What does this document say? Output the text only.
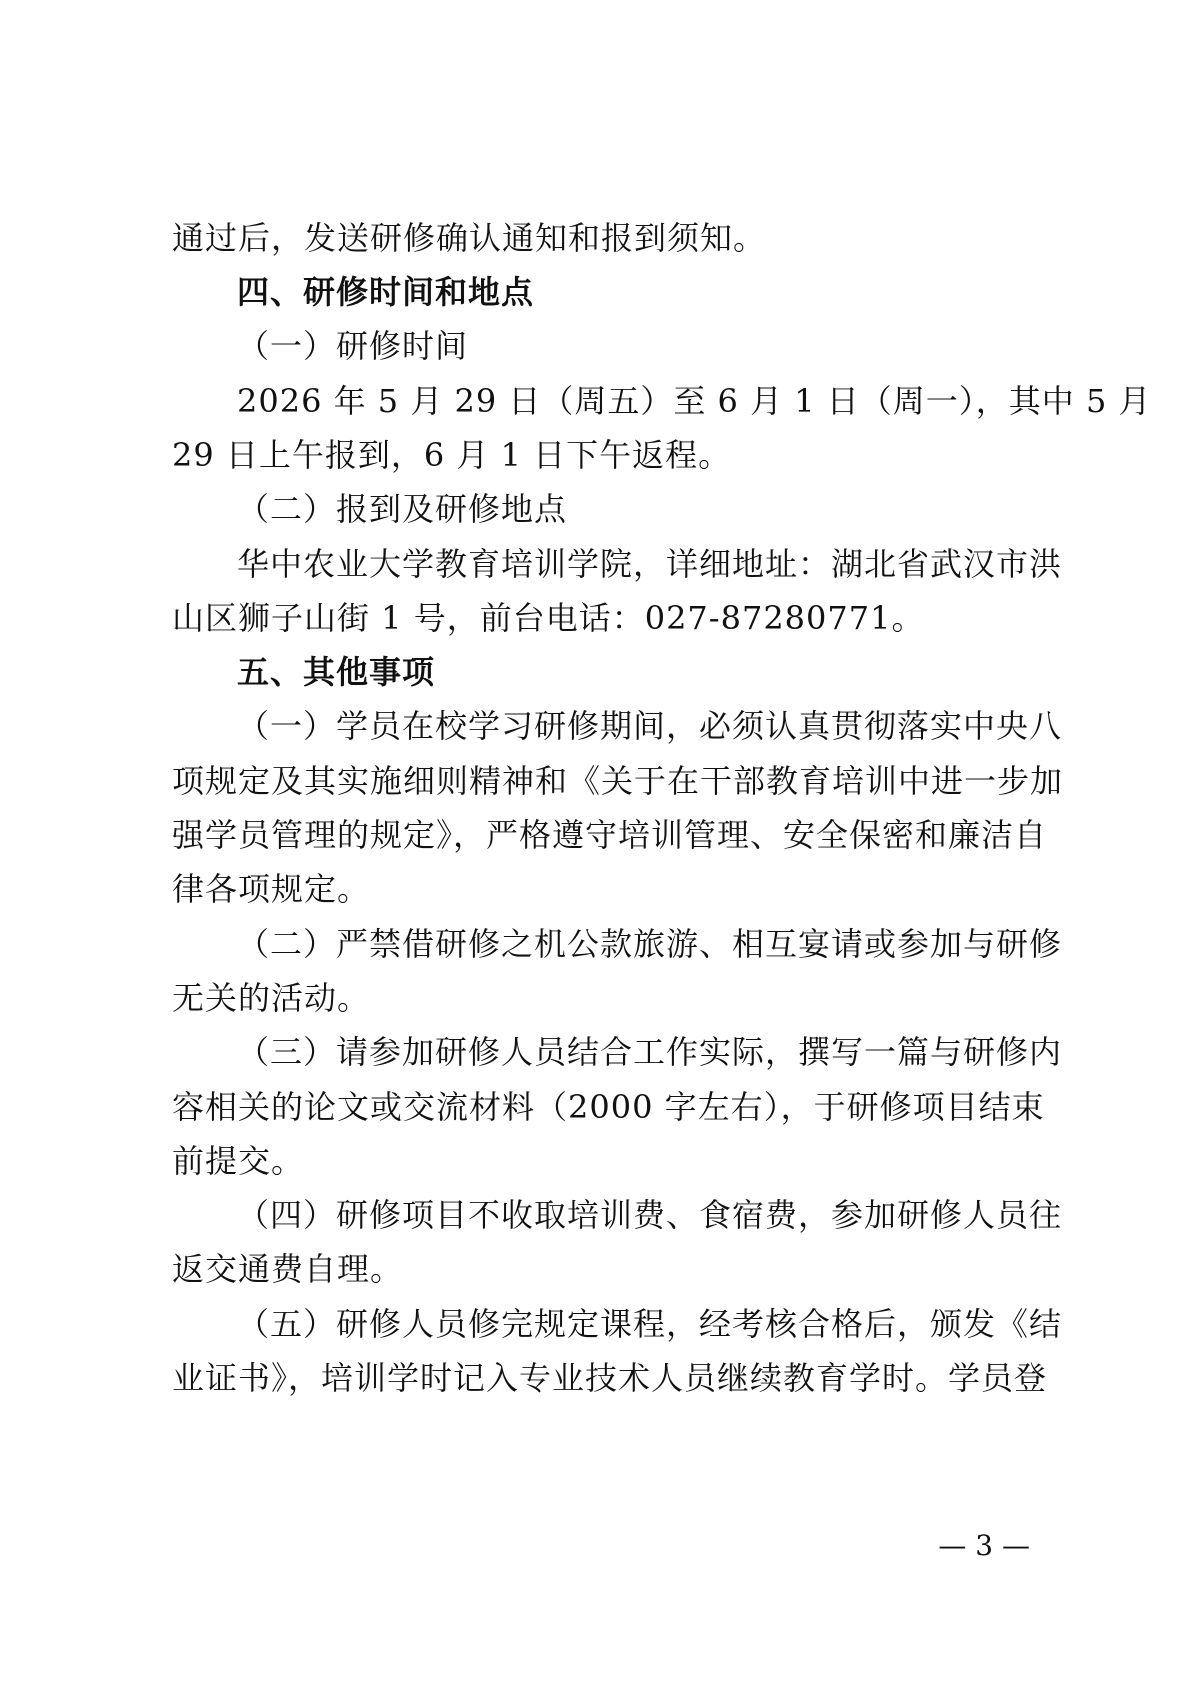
通过后，发送研修确认通知和报到须知。
四、研修时间和地点
（一）研修时间
2026 年 5 月 29 日（周五）至 6 月 1 日（周一），其中 5 月
29 日上午报到，6 月 1 日下午返程。
（二）报到及研修地点
华中农业大学教育培训学院，详细地址：湖北省武汉市洪
山区狮子山街 1 号，前台电话：027-87280771。
五、其他事项
（一）学员在校学习研修期间，必须认真贯彻落实中央八
项规定及其实施细则精神和《关于在干部教育培训中进一步加
强学员管理的规定》，严格遵守培训管理、安全保密和廉洁自
律各项规定。
（二）严禁借研修之机公款旅游、相互宴请或参加与研修
无关的活动。
（三）请参加研修人员结合工作实际，撰写一篇与研修内
容相关的论文或交流材料（2000 字左右），于研修项目结束
前提交。
（四）研修项目不收取培训费、食宿费，参加研修人员往
返交通费自理。
（五）研修人员修完规定课程，经考核合格后，颁发《结
业证书》，培训学时记入专业技术人员继续教育学时。学员登
— 3 —
